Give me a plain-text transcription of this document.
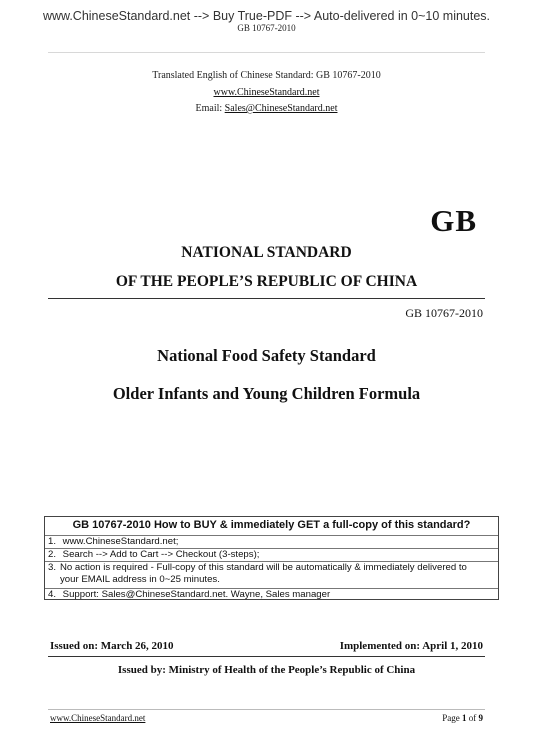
www.ChineseStandard.net --> Buy True-PDF --> Auto-delivered in 0~10 minutes.
GB 10767-2010
Translated English of Chinese Standard: GB 10767-2010
www.ChineseStandard.net
Email: Sales@ChineseStandard.net
GB
NATIONAL STANDARD
OF THE PEOPLE’S REPUBLIC OF CHINA
GB 10767-2010
National Food Safety Standard
Older Infants and Young Children Formula
GB 10767-2010 How to BUY & immediately GET a full-copy of this standard?
1. www.ChineseStandard.net;
2. Search --> Add to Cart --> Checkout (3-steps);
3. No action is required - Full-copy of this standard will be automatically & immediately delivered to
your EMAIL address in 0~25 minutes.
4. Support: Sales@ChineseStandard.net. Wayne, Sales manager
Issued on: March 26, 2010	Implemented on: April 1, 2010
Issued by: Ministry of Health of the People’s Republic of China
www.ChineseStandard.net	Page 1 of 9
